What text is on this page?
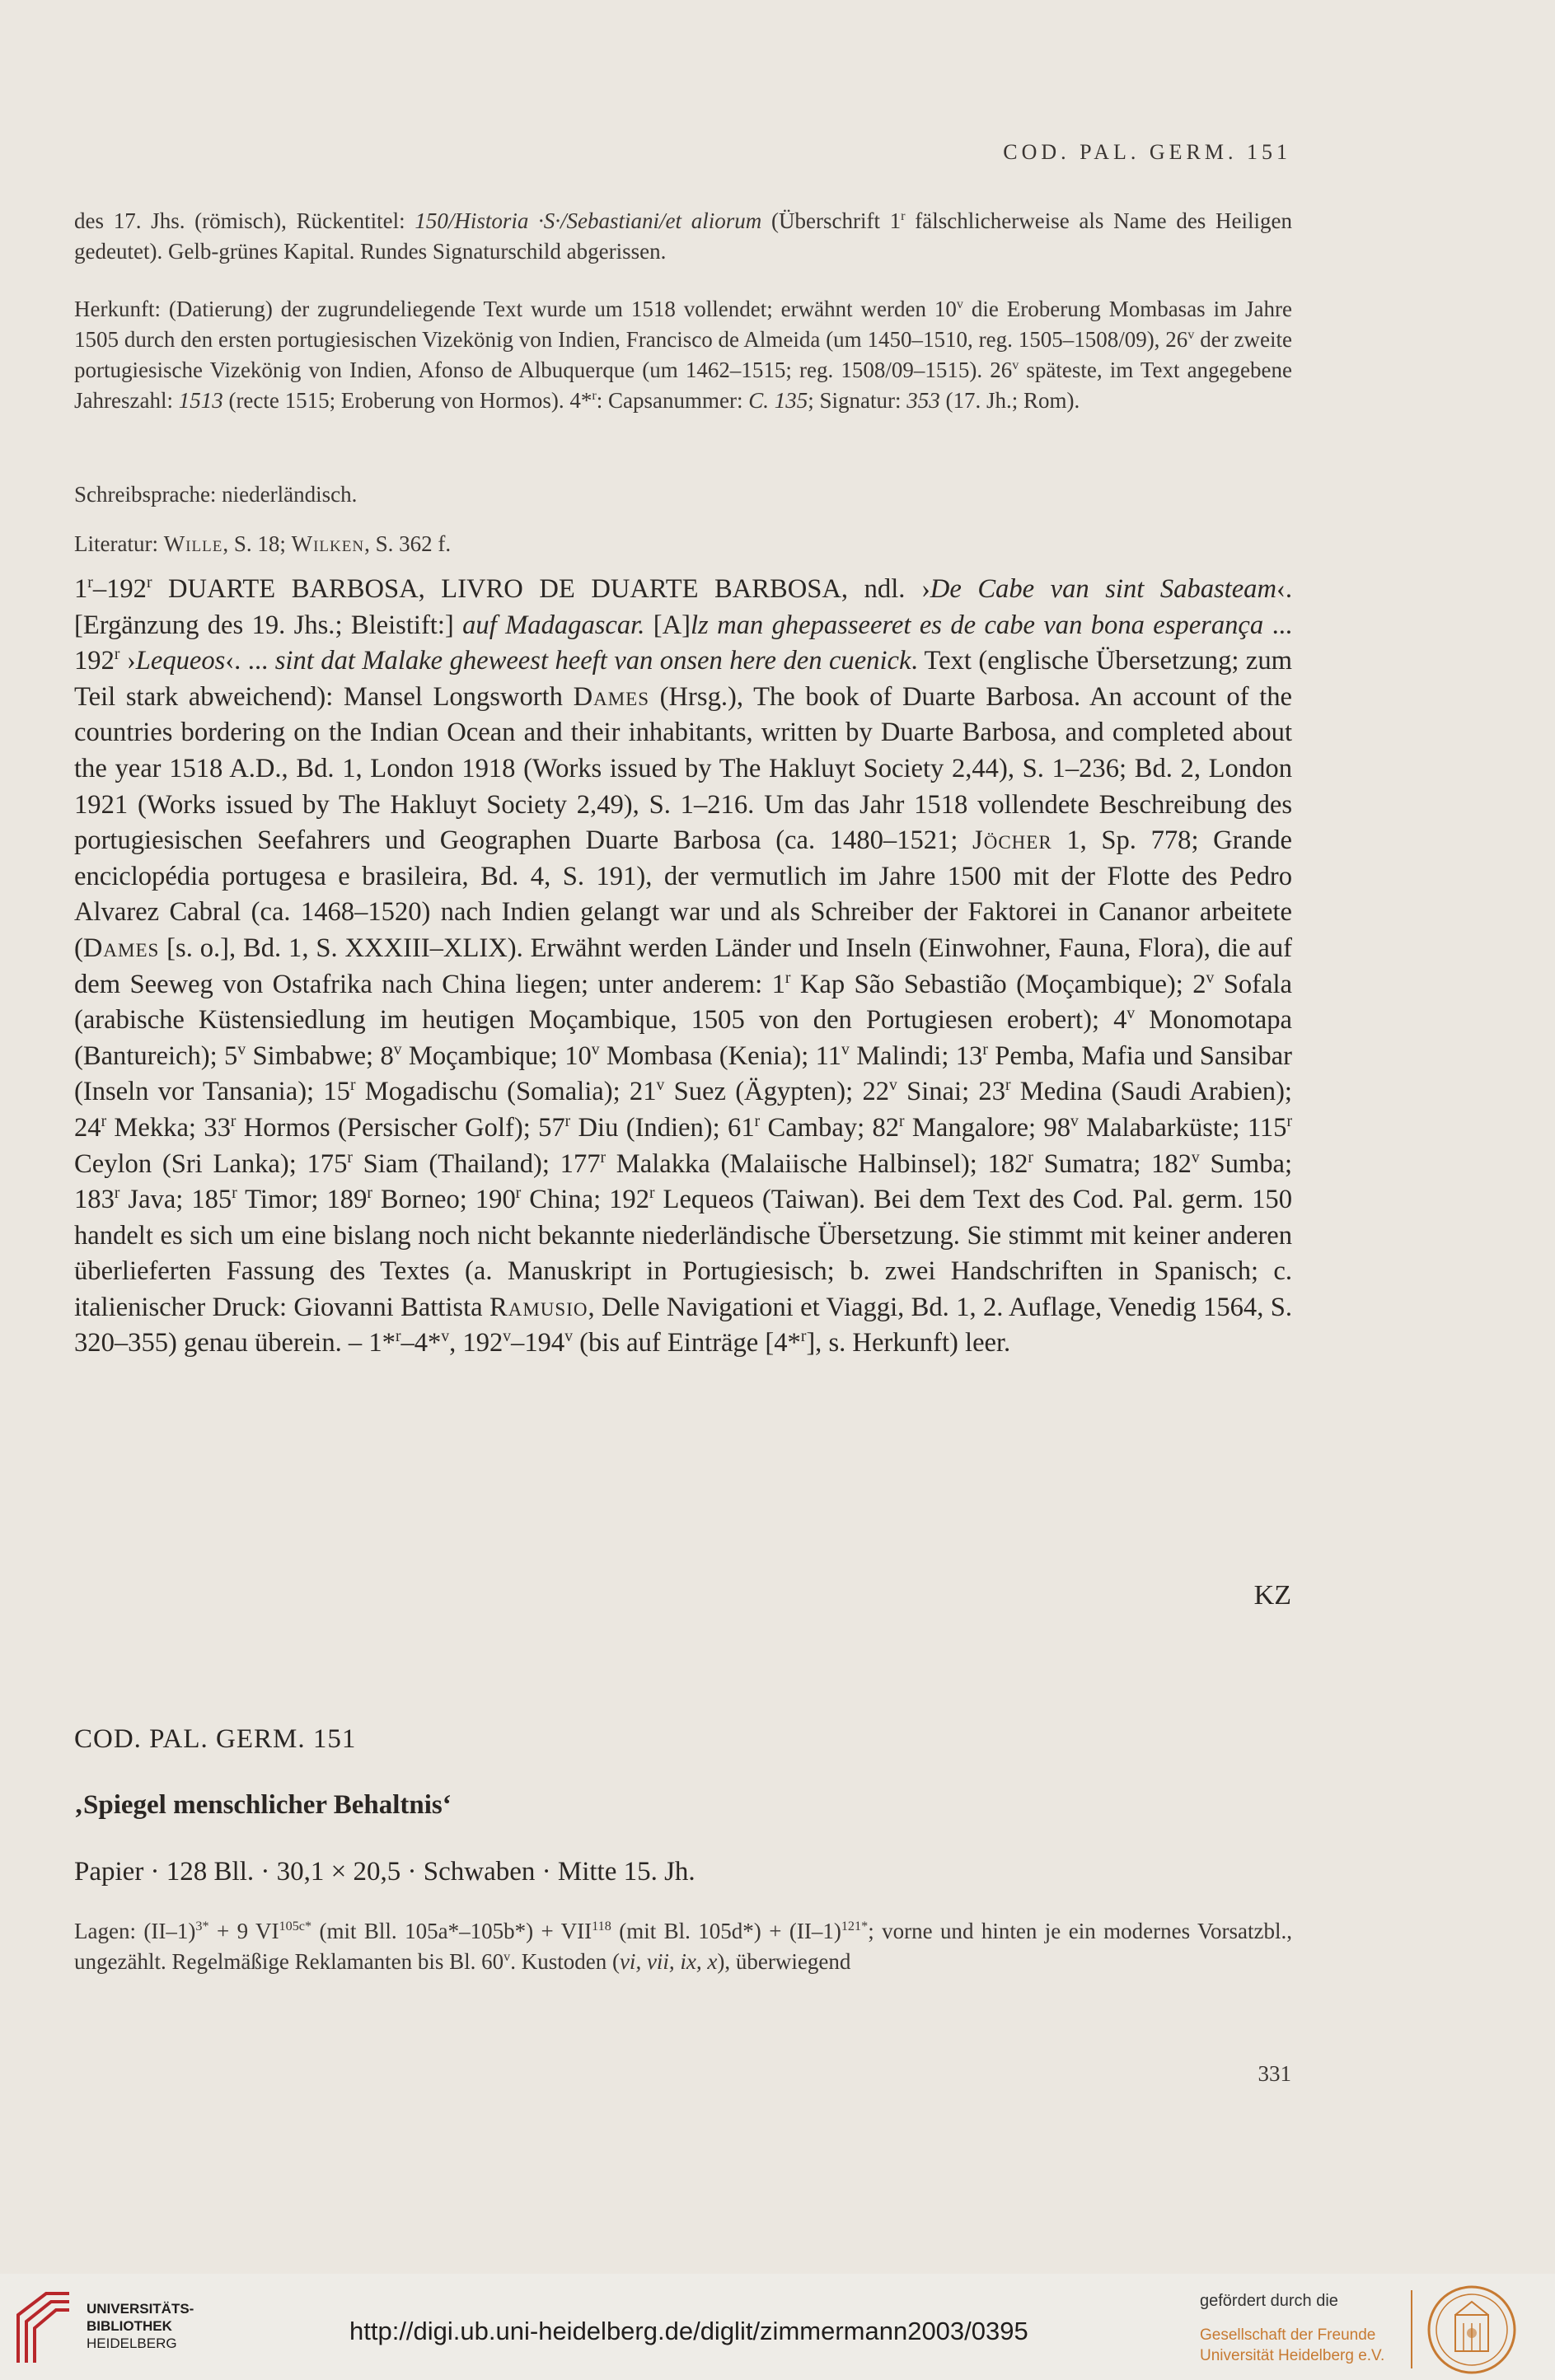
COD. PAL. GERM. 151

des 17. Jhs. (römisch), Rückentitel: 150/Historia ·S·/Sebastiani/et aliorum (Überschrift 1$^r$ fälschlicherweise als Name des Heiligen gedeutet). Gelb-grünes Kapital. Rundes Signaturschild abgerissen.

Herkunft: (Datierung) der zugrundeliegende Text wurde um 1518 vollendet; erwähnt werden 10$^v$ die Eroberung Mombasas im Jahre 1505 durch den ersten portugiesischen Vizekönig von Indien, Francisco de Almeida (um 1450–1510, reg. 1505–1508/09), 26$^v$ der zweite portugiesische Vizekönig von Indien, Afonso de Albuquerque (um 1462–1515; reg. 1508/09–1515). 26$^v$ späteste, im Text angegebene Jahreszahl: 1513 (recte 1515; Eroberung von Hormos). 4*$^r$: Capsanummer: C. 135; Signatur: 353 (17. Jh.; Rom).

Schreibsprache: niederländisch.
Literatur: Wille, S. 18; Wilken, S. 362 f.

1$^r$–192$^r$ DUARTE BARBOSA, LIVRO DE DUARTE BARBOSA, ndl. ›De Cabe van sint Sabasteam‹. [Ergänzung des 19. Jhs.; Bleistift:] auf Madagascar. [A]lz man ghepasseeret es de cabe van bona esperança ... 192$^r$ ›Lequeos‹. ... sint dat Malake gheweest heeft van onsen here den cuenick. Text (englische Übersetzung; zum Teil stark abweichend): Mansel Longsworth Dames (Hrsg.), The book of Duarte Barbosa. An account of the countries bordering on the Indian Ocean and their inhabitants, written by Duarte Barbosa, and completed about the year 1518 A.D., Bd. 1, London 1918 (Works issued by The Hakluyt Society 2,44), S. 1–236; Bd. 2, London 1921 (Works issued by The Hakluyt Society 2,49), S. 1–216. Um das Jahr 1518 vollendete Beschreibung des portugiesischen Seefahrers und Geographen Duarte Barbosa (ca. 1480–1521; Jöcher 1, Sp. 778; Grande enciclopédia portugesa e brasileira, Bd. 4, S. 191), der vermutlich im Jahre 1500 mit der Flotte des Pedro Alvarez Cabral (ca. 1468–1520) nach Indien gelangt war und als Schreiber der Faktorei in Cananor arbeitete (Dames [s. o.], Bd. 1, S. XXXIII–XLIX). Erwähnt werden Länder und Inseln (Einwohner, Fauna, Flora), die auf dem Seeweg von Ostafrika nach China liegen; unter anderem: 1$^r$ Kap São Sebastião (Moçambique); 2$^v$ Sofala (arabische Küstensiedlung im heutigen Moçambique, 1505 von den Portugiesen erobert); 4$^v$ Monomotapa (Bantureich); 5$^v$ Simbabwe; 8$^v$ Moçambique; 10$^v$ Mombasa (Kenia); 11$^v$ Malindi; 13$^r$ Pemba, Mafia und Sansibar (Inseln vor Tansania); 15$^r$ Mogadischu (Somalia); 21$^v$ Suez (Ägypten); 22$^v$ Sinai; 23$^r$ Medina (Saudi Arabien); 24$^r$ Mekka; 33$^r$ Hormos (Persischer Golf); 57$^r$ Diu (Indien); 61$^r$ Cambay; 82$^r$ Mangalore; 98$^v$ Malabarküste; 115$^r$ Ceylon (Sri Lanka); 175$^r$ Siam (Thailand); 177$^r$ Malakka (Malaiische Halbinsel); 182$^r$ Sumatra; 182$^v$ Sumba; 183$^r$ Java; 185$^r$ Timor; 189$^r$ Borneo; 190$^r$ China; 192$^r$ Lequeos (Taiwan). Bei dem Text des Cod. Pal. germ. 150 handelt es sich um eine bislang noch nicht bekannte niederländische Übersetzung. Sie stimmt mit keiner anderen überlieferten Fassung des Textes (a. Manuskript in Portugiesisch; b. zwei Handschriften in Spanisch; c. italienischer Druck: Giovanni Battista Ramusio, Delle Navigationi et Viaggi, Bd. 1, 2. Auflage, Venedig 1564, S. 320–355) genau überein. – 1*$^r$–4*$^v$, 192$^v$–194$^v$ (bis auf Einträge [4*$^r$], s. Herkunft) leer.

KZ
COD. PAL. GERM. 151
‚Spiegel menschlicher Behaltnis‘
Papier · 128 Bll. · 30,1 × 20,5 · Schwaben · Mitte 15. Jh.

Lagen: $(II-1)^{3*} + 9$ $VI^{105c*}$ (mit Bll. $105a*-105b*) + VII^{118}$ (mit Bl. $105d*) + (II-1)^{121*}$; vorne und hinten je ein modernes Vorsatzbl., ungezählt. Regelmäßige Reklamanten bis Bl. 60$^v$. Kustoden (vi, vii, ix, x), überwiegend

331
UNIVERSITÄTS-
BIBLIOTHEK
HEIDELBERG	http://digi.ub.uni-heidelberg.de/diglit/zimmermann2003/0395
gefördert durch die
Gesellschaft der Freunde
Universität Heidelberg e.V.
